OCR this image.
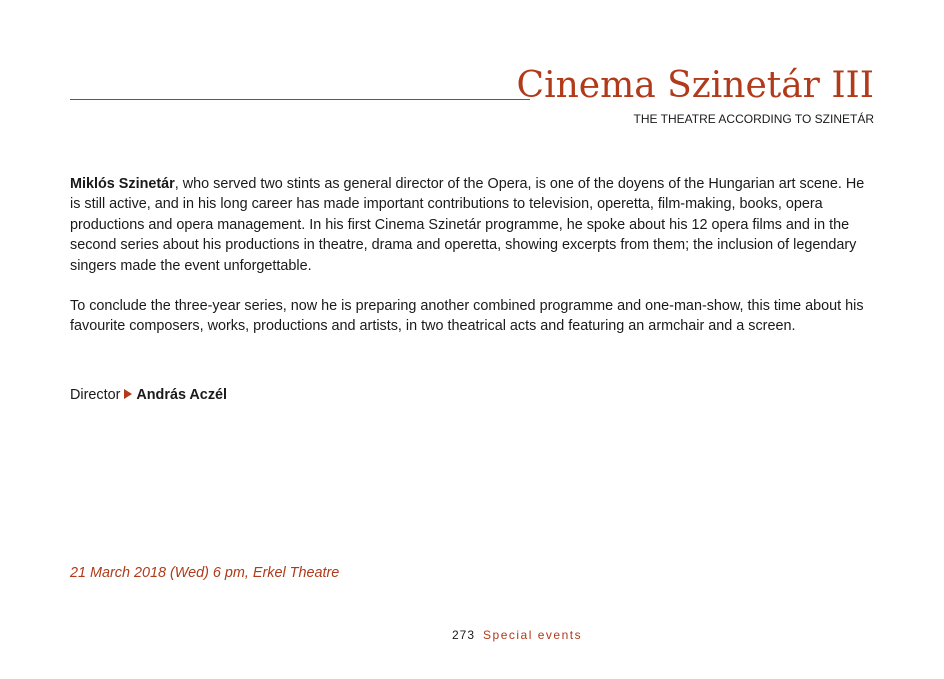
Cinema Szinetár III
THE THEATRE ACCORDING TO SZINETÁR

Miklós Szinetár, who served two stints as general director of the Opera, is one of the doyens of the Hungarian art scene. He is still active, and in his long career has made important contributions to television, operetta, film-making, books, opera productions and opera management. In his first Cinema Szinetár programme, he spoke about his 12 opera films and in the second series about his productions in theatre, drama and operetta, showing excerpts from them; the inclusion of legendary singers made the event unforgettable.

To conclude the three-year series, now he is preparing another combined programme and one-man-show, this time about his favourite composers, works, productions and artists, in two theatrical acts and featuring an armchair and a screen.

Director András Aczél
21 March 2018 (Wed) 6 pm, Erkel Theatre
273 Special events
